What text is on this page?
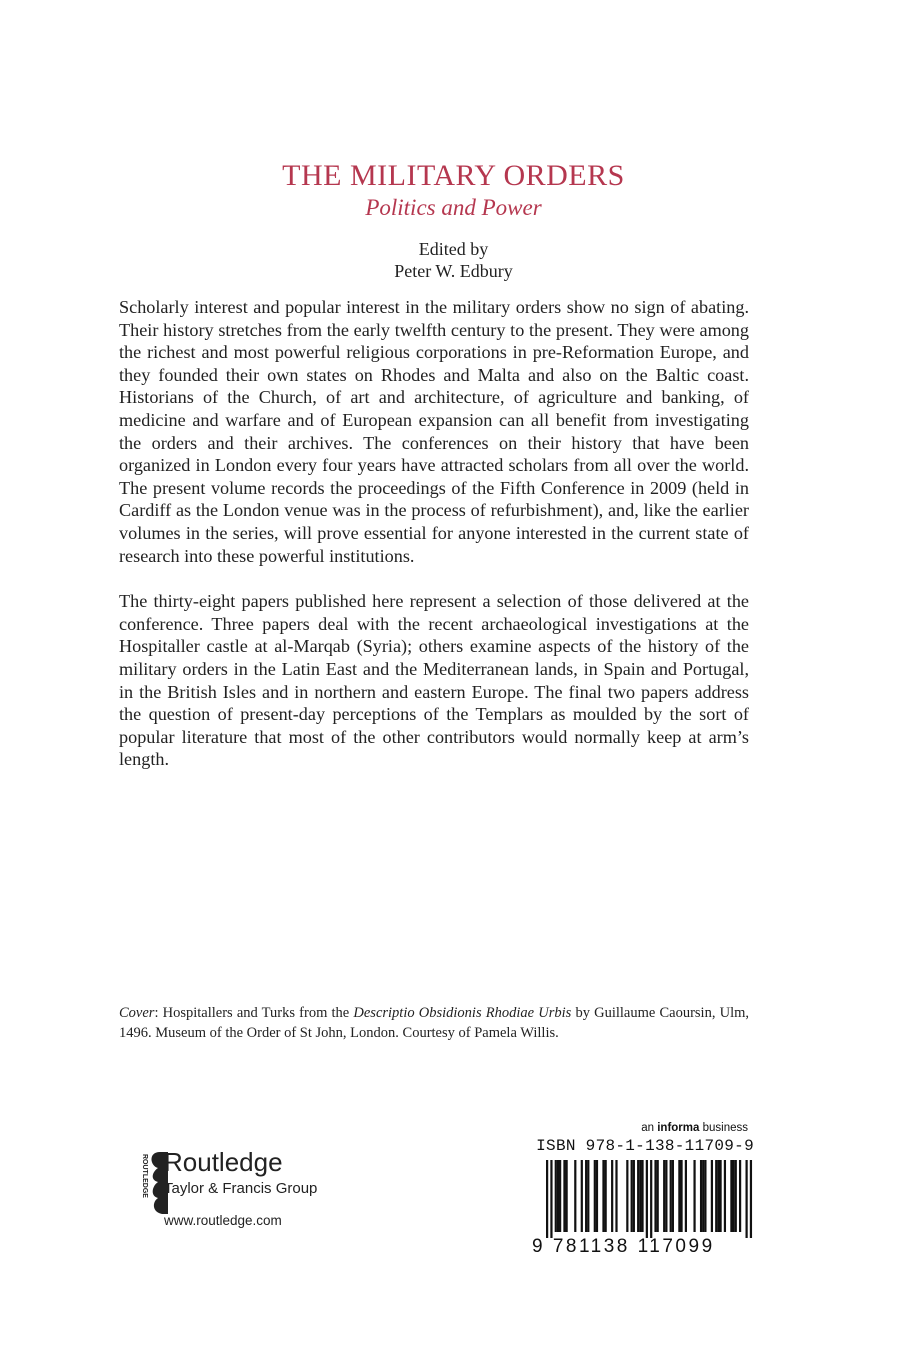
THE MILITARY ORDERS
Politics and Power
Edited by
Peter W. Edbury

Scholarly interest and popular interest in the military orders show no sign of abating. Their history stretches from the early twelfth century to the present. They were among the richest and most powerful religious corporations in pre-Reformation Europe, and they founded their own states on Rhodes and Malta and also on the Baltic coast. Historians of the Church, of art and architecture, of agriculture and banking, of medicine and warfare and of European expansion can all benefit from investigating the orders and their archives. The conferences on their history that have been organized in London every four years have attracted scholars from all over the world. The present volume records the proceedings of the Fifth Conference in 2009 (held in Cardiff as the London venue was in the process of refurbishment), and, like the earlier volumes in the series, will prove essential for anyone interested in the current state of research into these powerful institutions.

The thirty-eight papers published here represent a selection of those delivered at the conference. Three papers deal with the recent archaeological investigations at the Hospitaller castle at al-Marqab (Syria); others examine aspects of the history of the military orders in the Latin East and the Mediterranean lands, in Spain and Portugal, in the British Isles and in northern and eastern Europe. The final two papers address the question of present-day perceptions of the Templars as moulded by the sort of popular literature that most of the other contributors would normally keep at arm’s length.

Cover: Hospitallers and Turks from the Descriptio Obsidionis Rhodiae Urbis by Guillaume Caoursin, Ulm, 1496. Museum of the Order of St John, London. Courtesy of Pamela Willis.
ROUTLEDGE Routledge
Taylor & Francis Group
www.routledge.com
an informa business
ISBN 978-1-138-11709-9
9 781138 117099
